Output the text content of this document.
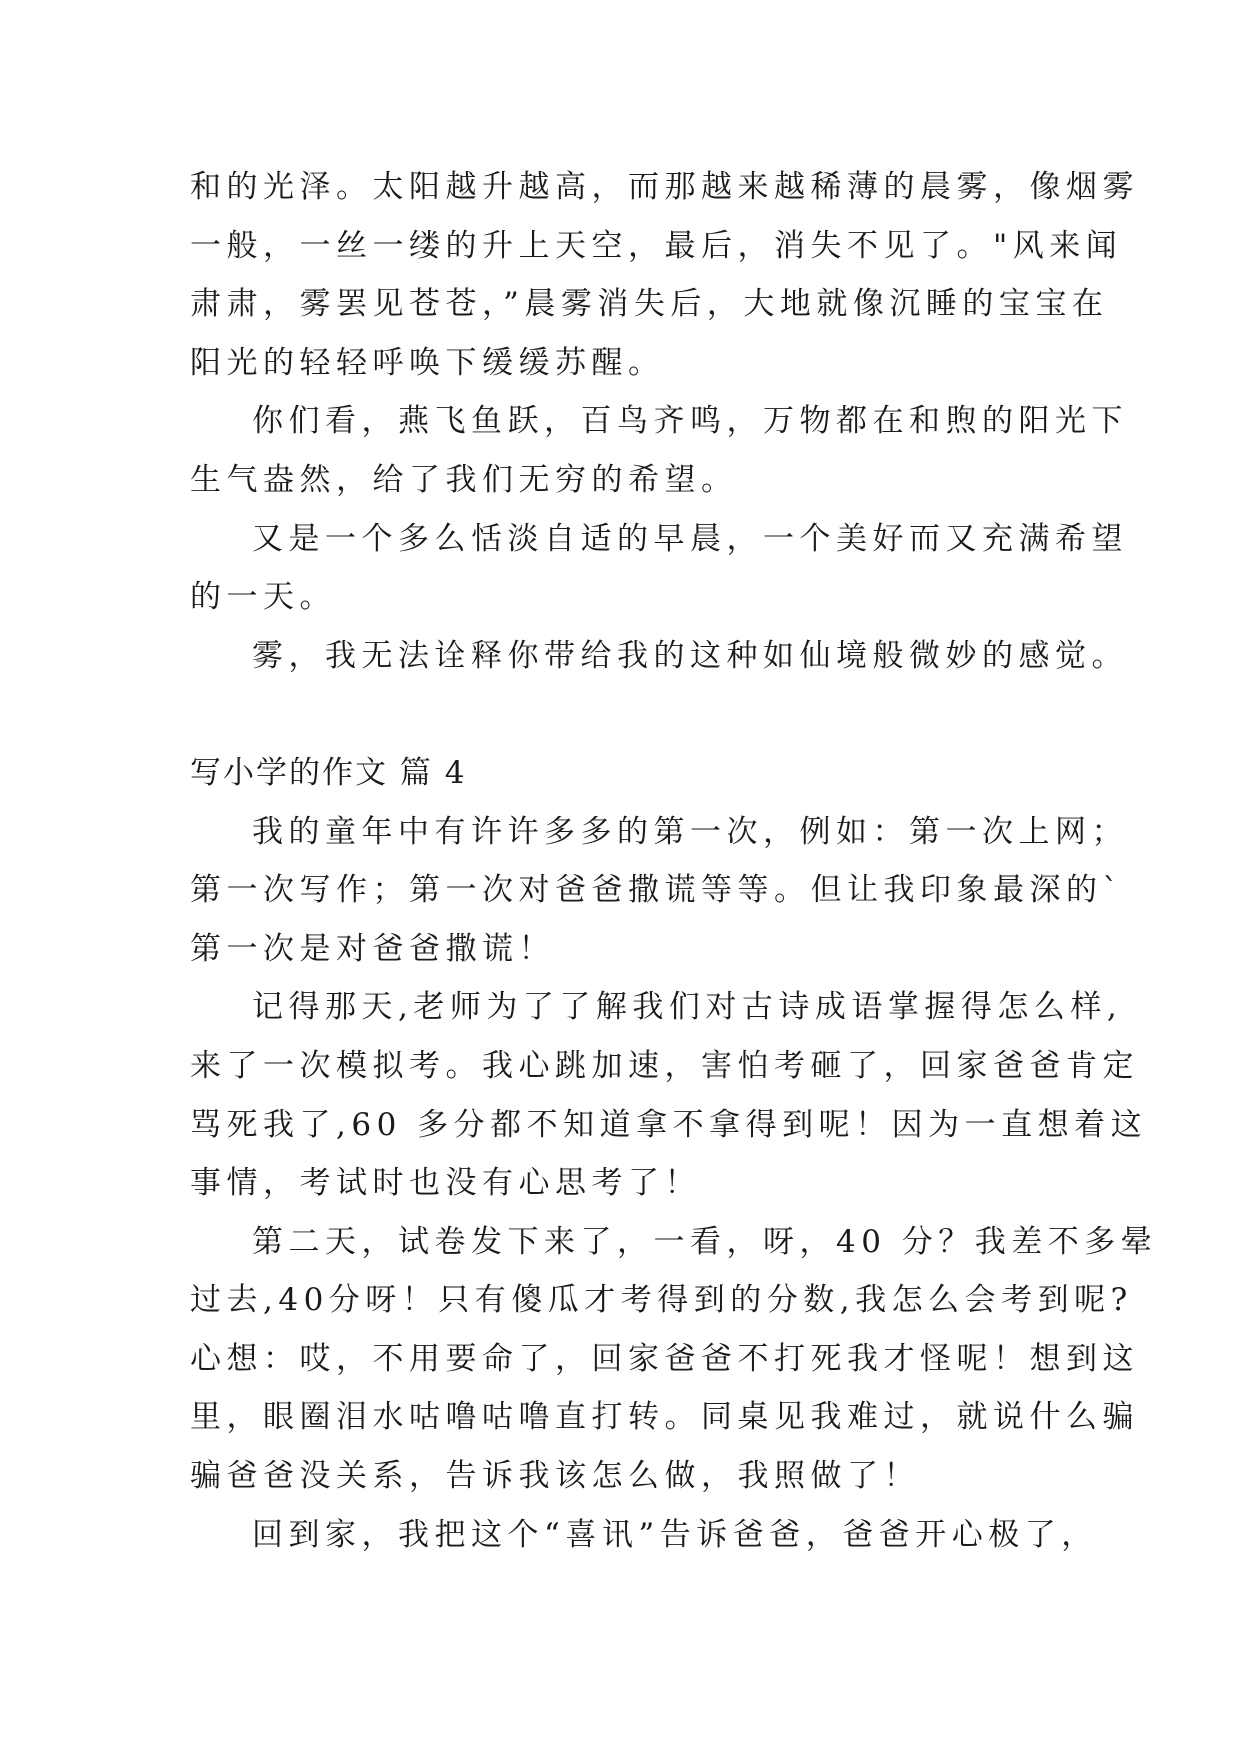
和的光泽。太阳越升越高，而那越来越稀薄的晨雾，像烟雾
一般，一丝一缕的升上天空，最后，消失不见了。"风来闻
肃肃，雾罢见苍苍，”晨雾消失后，大地就像沉睡的宝宝在
阳光的轻轻呼唤下缓缓苏醒。
你们看，燕飞鱼跃，百鸟齐鸣，万物都在和煦的阳光下
生气盎然，给了我们无穷的希望。
又是一个多么恬淡自适的早晨，一个美好而又充满希望
的一天。
雾，我无法诠释你带给我的这种如仙境般微妙的感觉。
写小学的作文 篇 4
我的童年中有许许多多的第一次，例如：第一次上网；
第一次写作；第一次对爸爸撒谎等等。但让我印象最深的`
第一次是对爸爸撒谎！
记得那天,老师为了了解我们对古诗成语掌握得怎么样,
来了一次模拟考。我心跳加速，害怕考砸了，回家爸爸肯定
骂死我了,60 多分都不知道拿不拿得到呢！因为一直想着这
事情，考试时也没有心思考了！
第二天，试卷发下来了，一看，呀，40 分？我差不多晕
过去,40分呀！只有傻瓜才考得到的分数,我怎么会考到呢?
心想：哎，不用要命了，回家爸爸不打死我才怪呢！想到这
里，眼圈泪水咕噜咕噜直打转。同桌见我难过，就说什么骗
骗爸爸没关系，告诉我该怎么做，我照做了！
回到家，我把这个“喜讯”告诉爸爸，爸爸开心极了，
